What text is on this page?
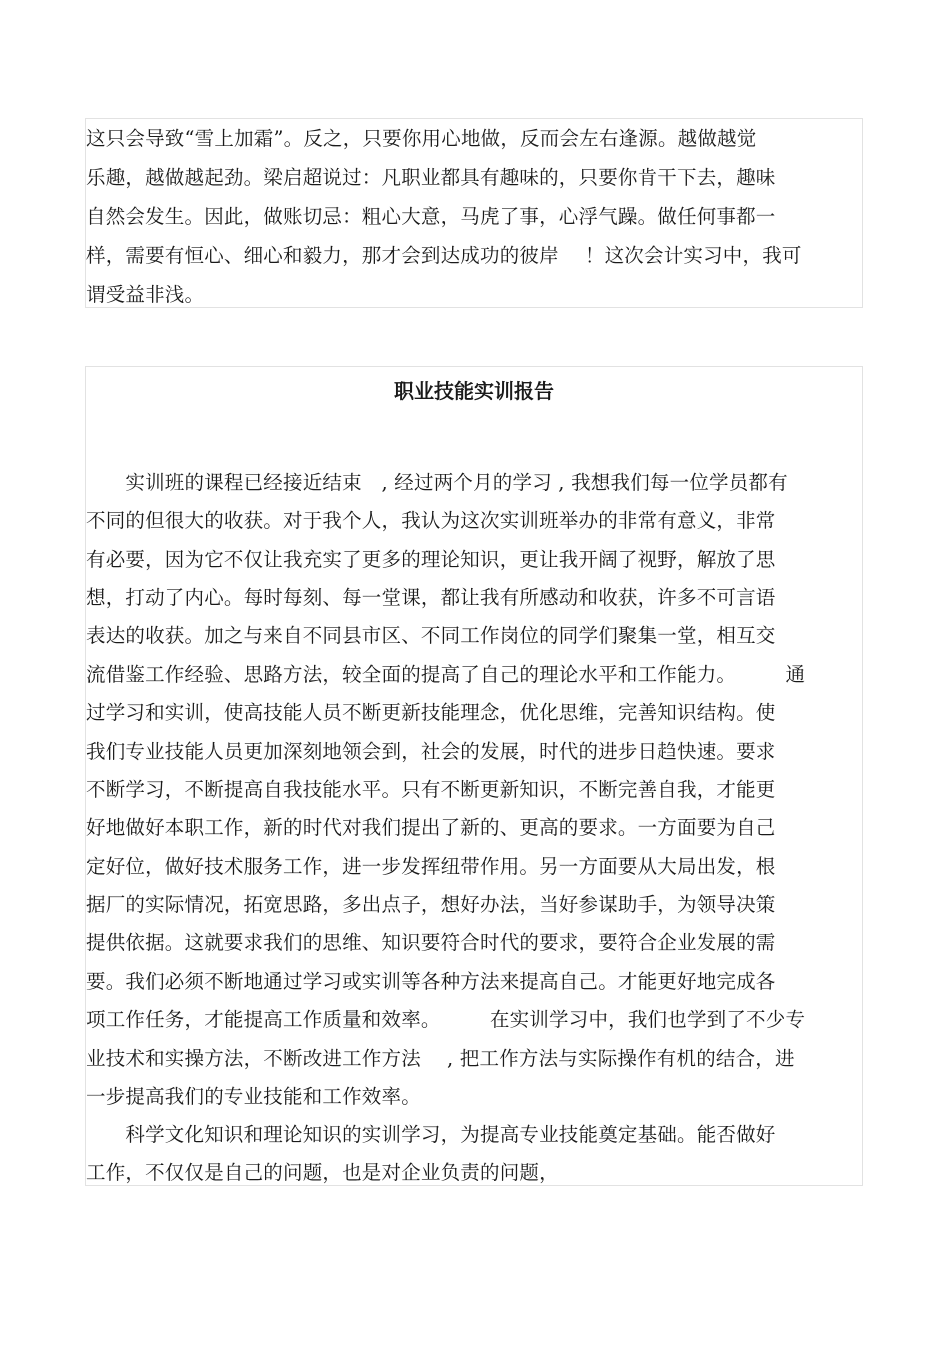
这只会导致“雪上加霜”。反之，只要你用心地做，反而会左右逢源。越做越觉

乐趣，越做越起劲。梁启超说过：凡职业都具有趣味的，只要你肯干下去，趣味

自然会发生。因此，做账切忌：粗心大意，马虎了事，心浮气躁。做任何事都一

样，需要有恒心、细心和毅力，那才会到达成功的彼岸　 ！这次会计实习中，我可

谓受益非浅。

职业技能实训报告

　　实训班的课程已经接近结束　, 经过两个月的学习 , 我想我们每一位学员都有

不同的但很大的收获。对于我个人，我认为这次实训班举办的非常有意义，非常

有必要，因为它不仅让我充实了更多的理论知识，更让我开阔了视野，解放了思

想，打动了内心。每时每刻、每一堂课，都让我有所感动和收获，许多不可言语

表达的收获。加之与来自不同县市区、不同工作岗位的同学们聚集一堂，相互交

流借鉴工作经验、思路方法，较全面的提高了自己的理论水平和工作能力。　　　通

过学习和实训，使高技能人员不断更新技能理念，优化思维，完善知识结构。使

我们专业技能人员更加深刻地领会到，社会的发展，时代的进步日趋快速。要求

不断学习，不断提高自我技能水平。只有不断更新知识，不断完善自我，才能更

好地做好本职工作，新的时代对我们提出了新的、更高的要求。一方面要为自己

定好位，做好技术服务工作，进一步发挥纽带作用。另一方面要从大局出发，根

据厂的实际情况，拓宽思路，多出点子，想好办法，当好参谋助手，为领导决策

提供依据。这就要求我们的思维、知识要符合时代的要求，要符合企业发展的需

要。我们必须不断地通过学习或实训等各种方法来提高自己。才能更好地完成各

项工作任务，才能提高工作质量和效率。　　　在实训学习中，我们也学到了不少专

业技术和实操方法，不断改进工作方法　 , 把工作方法与实际操作有机的结合，进

一步提高我们的专业技能和工作效率。

　　科学文化知识和理论知识的实训学习，为提高专业技能奠定基础。能否做好

工作，不仅仅是自己的问题，也是对企业负责的问题，
